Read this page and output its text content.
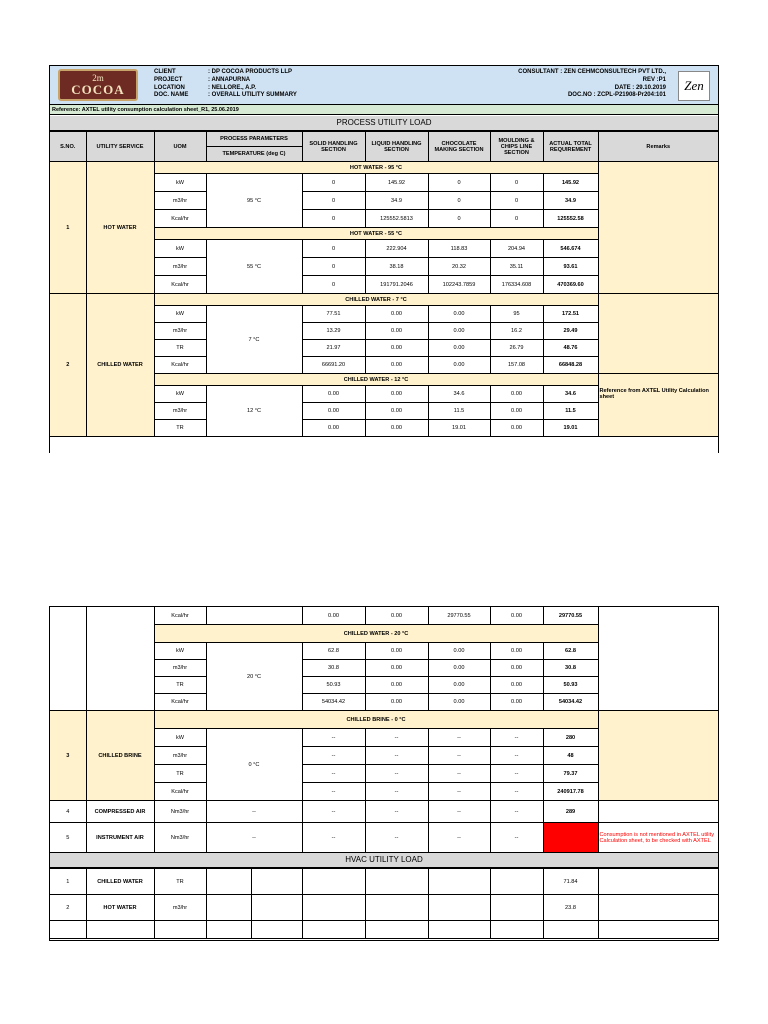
2m
COCOA
CLIENT
PROJECT
LOCATION
DOC. NAME
: DP COCOA PRODUCTS LLP
: ANNAPURNA
: NELLORE., A.P.
: OVERALL UTILITY SUMMARY
CONSULTANT : ZEN CEHMCONSULTECH PVT LTD.,
REV :P1
DATE : 29.10.2019
DOC.NO : ZCPL-P21908-Pr204:101
Zen
Reference: AXTEL utility consumption calculation sheet_R1, 25.06.2019
PROCESS UTILITY LOAD
S.NO.	UTILITY SERVICE	UOM	PROCESS PARAMETERS	SOLID HANDLING SECTION	LIQUID HANDLING SECTION	CHOCOLATE MAKING SECTION	MOULDING & CHIPS LINE SECTION	ACTUAL TOTAL REQUIREMENT	Remarks
			TEMPERATURE (deg C)						
1	HOT WATER	HOT WATER - 95 °C							
		kW	95 °C	0	145.92	0	0	145.92	
		m3/hr		0	34.9	0	0	34.9	
		Kcal/hr		0	125552.5813	0	0	125552.58	
		HOT WATER - 55 °C							
		kW	55 °C	0	222.904	118.83	204.94	546.674	
		m3/hr		0	38.18	20.32	35.11	93.61	
		Kcal/hr		0	191791.2046	102243.7859	176334.608	470369.60	
2	CHILLED WATER	CHILLED WATER - 7 °C							
		kW	7 °C	77.51	0.00	0.00	95	172.51	
		m3/hr		13.29	0.00	0.00	16.2	29.49	
		TR		21.97	0.00	0.00	26.79	48.76	
		Kcal/hr		66691.20	0.00	0.00	157.08	66848.28	
		CHILLED WATER - 12 °C							Reference from AXTEL Utility Calculation sheet
		kW	12 °C	0.00	0.00	34.6	0.00	34.6	
		m3/hr		0.00	0.00	11.5	0.00	11.5	
		TR		0.00	0.00	19.01	0.00	19.01	
		Kcal/hr		0.00	0.00	29770.55	0.00	29770.55	
		CHILLED WATER - 20 °C							
		kW	20 °C	62.8	0.00	0.00	0.00	62.8	
		m3/hr		30.8	0.00	0.00	0.00	30.8	
		TR		50.93	0.00	0.00	0.00	50.93	
		Kcal/hr		54034.42	0.00	0.00	0.00	54034.42	
3	CHILLED BRINE	CHILLED BRINE - 0 °C							
		kW	0 °C	--	--	--	--	280	
		m3/hr		--	--	--	--	48	
		TR		--	--	--	--	79.37	
		Kcal/hr		--	--	--	--	240917.78	
4	COMPRESSED AIR	Nm3/hr	--	--	--	--	--	289	
5	INSTRUMENT AIR	Nm3/hr	--	--	--	--	--		Consumption is not mentioned in AXTEL utility Calculation sheet, to be checked with AXTEL
HVAC UTILITY LOAD
1	CHILLED WATER	TR							71.84	
2	HOT WATER	m3/hr							23.8	
